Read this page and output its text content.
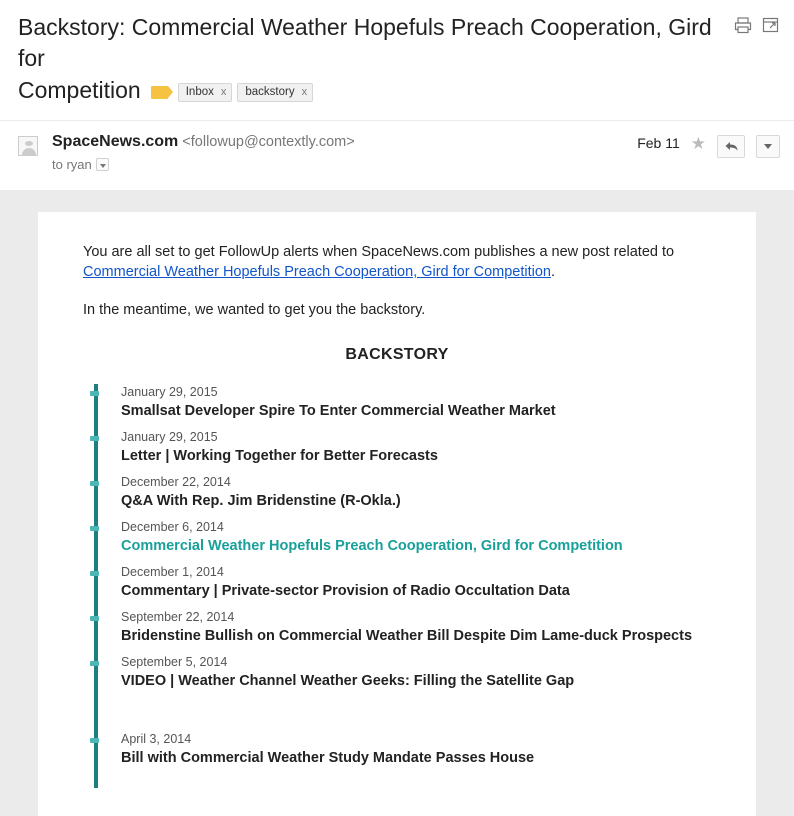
Backstory: Commercial Weather Hopefuls Preach Cooperation, Gird for
Competition	Inbox x backstory x
SpaceNews.com <followup@contextly.com>
to ryan
Feb 11 ★

You are all set to get FollowUp alerts when SpaceNews.com publishes a new post related to
Commercial Weather Hopefuls Preach Cooperation, Gird for Competition.

In the meantime, we wanted to get you the backstory.

BACKSTORY
January 29, 2015
Smallsat Developer Spire To Enter Commercial Weather Market
January 29, 2015
Letter | Working Together for Better Forecasts
December 22, 2014
Q&A With Rep. Jim Bridenstine (R-Okla.)
December 6, 2014
Commercial Weather Hopefuls Preach Cooperation, Gird for Competition
December 1, 2014
Commentary | Private-sector Provision of Radio Occultation Data
September 22, 2014
Bridenstine Bullish on Commercial Weather Bill Despite Dim Lame-duck Prospects
September 5, 2014
VIDEO | Weather Channel Weather Geeks: Filling the Satellite Gap
April 3, 2014
Bill with Commercial Weather Study Mandate Passes House
